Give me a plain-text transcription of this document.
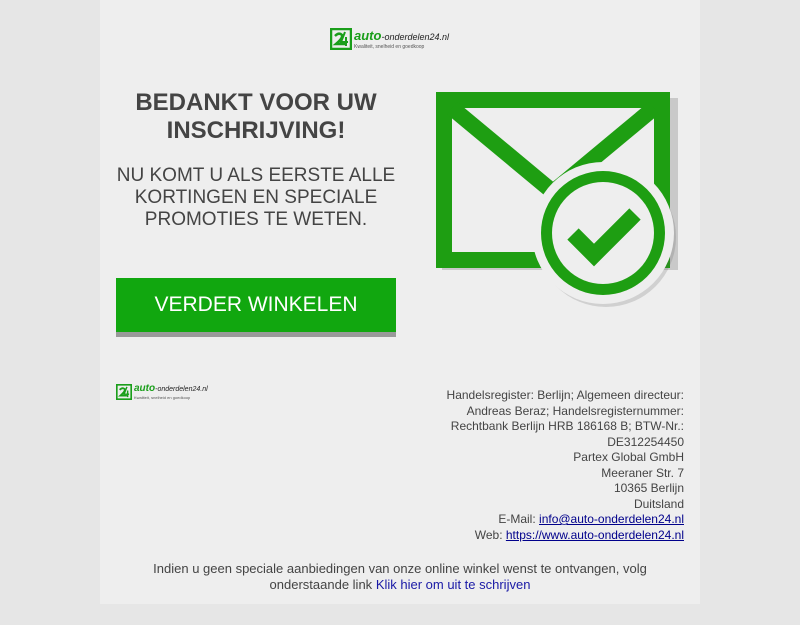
auto-onderdelen24.nl
Kwaliteit, snelheid en goedkoop
BEDANKT VOOR UW INSCHRIJVING!

NU KOMT U ALS EERSTE ALLE KORTINGEN EN SPECIALE PROMOTIES TE WETEN.

VERDER WINKELEN
auto-onderdelen24.nl
Kwaliteit, snelheid en goedkoop	Handelsregister: Berlijn; Algemeen directeur: Andreas Beraz; Handelsregisternummer: Rechtbank Berlijn HRB 186168 B; BTW-Nr.: DE312254450
Partex Global GmbH
Meeraner Str. 7
10365 Berlijn
Duitsland
E-Mail: info@auto-onderdelen24.nl
Web: https://www.auto-onderdelen24.nl
Indien u geen speciale aanbiedingen van onze online winkel wenst te ontvangen, volg onderstaande link Klik hier om uit te schrijven
